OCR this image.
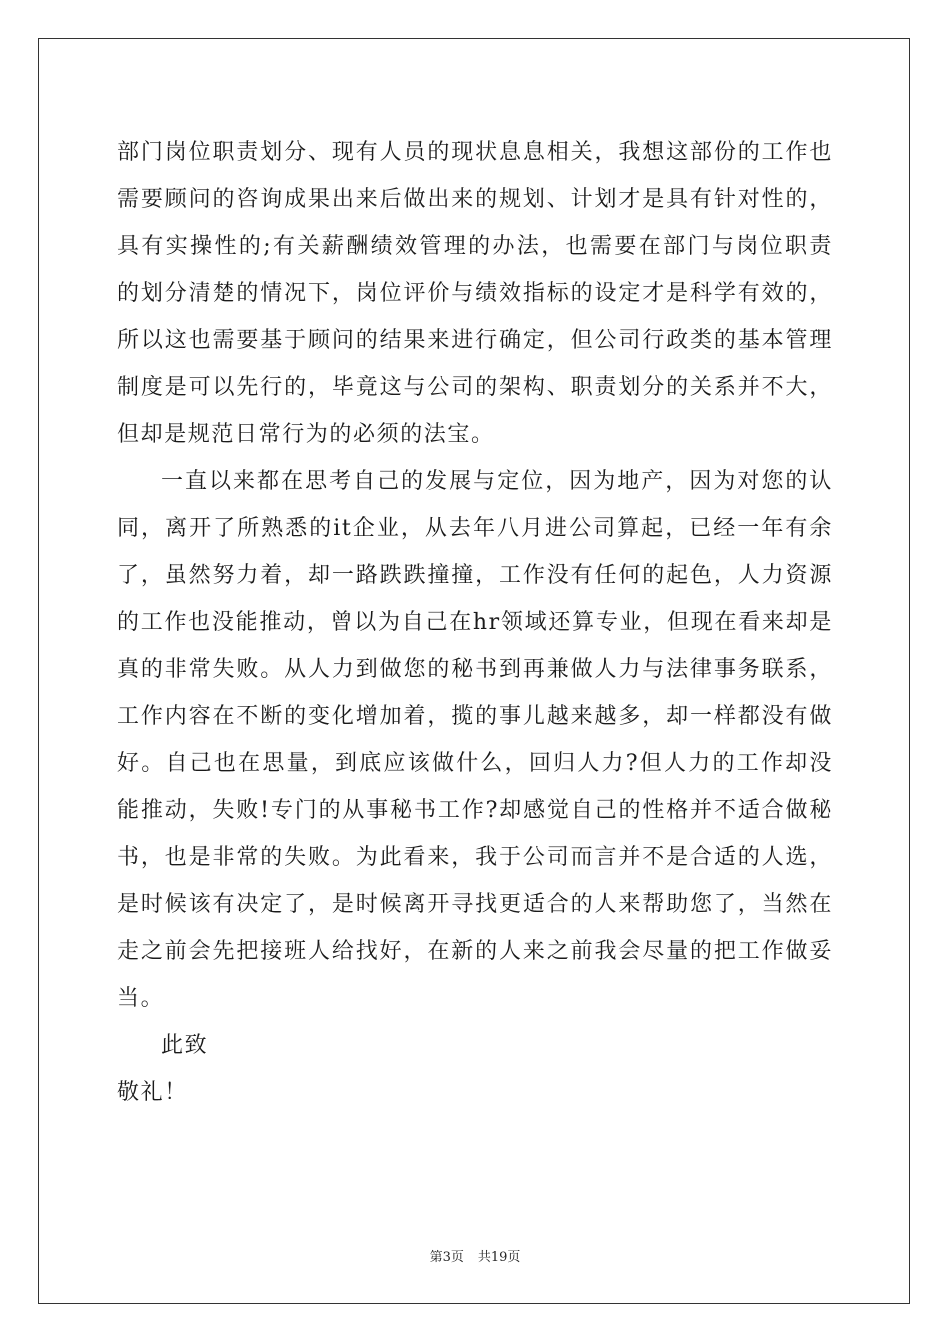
部门岗位职责划分、现有人员的现状息息相关，我想这部份的工作也需要顾问的咨询成果出来后做出来的规划、计划才是具有针对性的，具有实操性的;有关薪酬绩效管理的办法，也需要在部门与岗位职责的划分清楚的情况下，岗位评价与绩效指标的设定才是科学有效的，所以这也需要基于顾问的结果来进行确定，但公司行政类的基本管理制度是可以先行的，毕竟这与公司的架构、职责划分的关系并不大，但却是规范日常行为的必须的法宝。

一直以来都在思考自己的发展与定位，因为地产，因为对您的认同，离开了所熟悉的it企业，从去年八月进公司算起，已经一年有余了，虽然努力着，却一路跌跌撞撞，工作没有任何的起色，人力资源的工作也没能推动，曾以为自己在hr领域还算专业，但现在看来却是真的非常失败。从人力到做您的秘书到再兼做人力与法律事务联系，工作内容在不断的变化增加着，揽的事儿越来越多，却一样都没有做好。自己也在思量，到底应该做什么，回归人力?但人力的工作却没能推动，失败!专门的从事秘书工作?却感觉自己的性格并不适合做秘书，也是非常的失败。为此看来，我于公司而言并不是合适的人选，是时候该有决定了，是时候离开寻找更适合的人来帮助您了，当然在走之前会先把接班人给找好，在新的人来之前我会尽量的把工作做妥当。

此致

敬礼！

第3页 共19页
